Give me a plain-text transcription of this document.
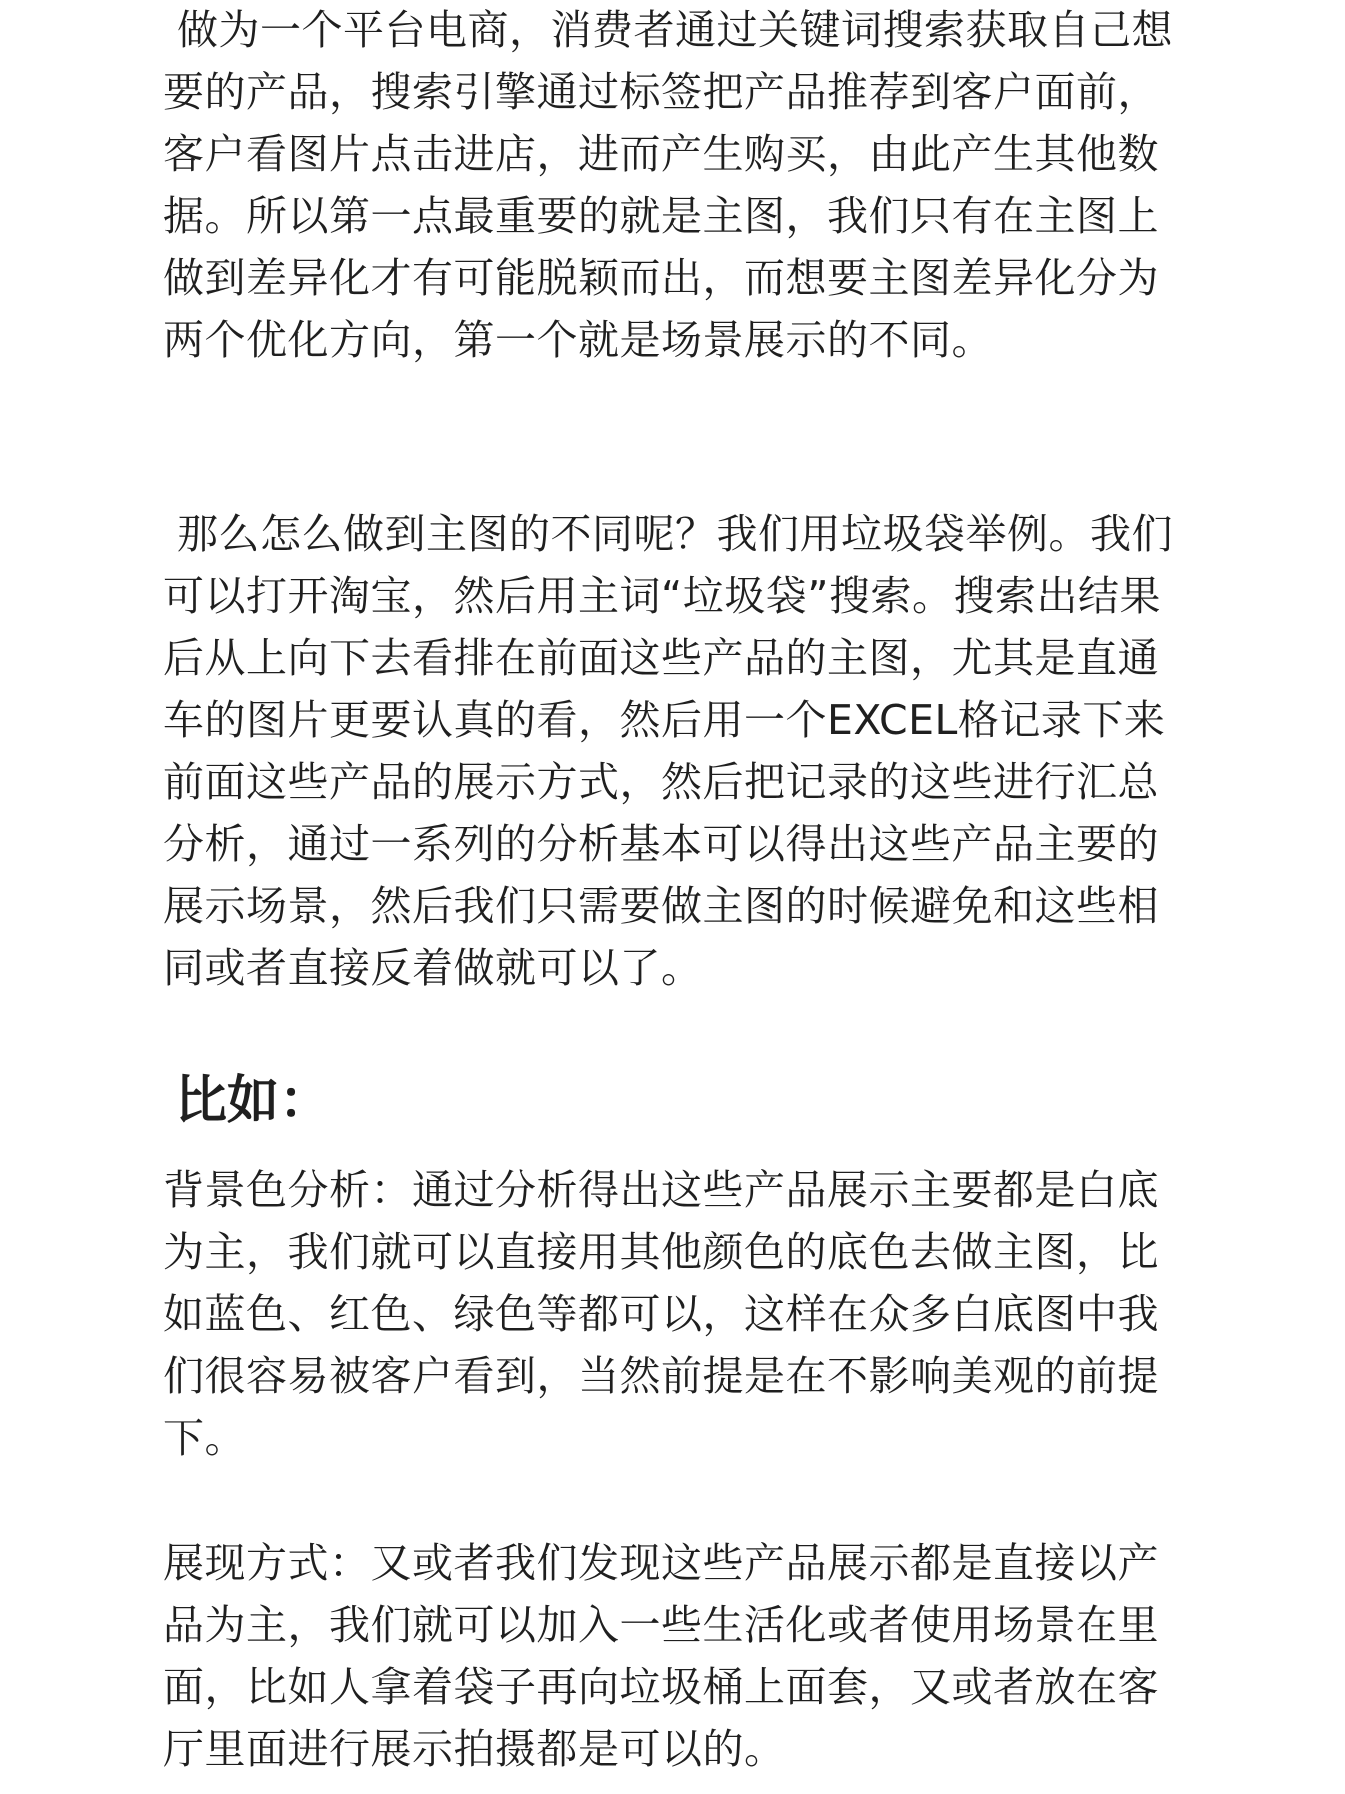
做为一个平台电商，消费者通过关键词搜索获取自己想要的产品，搜索引擎通过标签把产品推荐到客户面前，客户看图片点击进店，进而产生购买，由此产生其他数据。所以第一点最重要的就是主图，我们只有在主图上做到差异化才有可能脱颖而出，而想要主图差异化分为两个优化方向，第一个就是场景展示的不同。

那么怎么做到主图的不同呢？我们用垃圾袋举例。我们可以打开淘宝，然后用主词“垃圾袋”搜索。搜索出结果后从上向下去看排在前面这些产品的主图，尤其是直通车的图片更要认真的看，然后用一个EXCEL格记录下来前面这些产品的展示方式，然后把记录的这些进行汇总分析，通过一系列的分析基本可以得出这些产品主要的展示场景，然后我们只需要做主图的时候避免和这些相同或者直接反着做就可以了。

比如：

背景色分析：通过分析得出这些产品展示主要都是白底为主，我们就可以直接用其他颜色的底色去做主图，比如蓝色、红色、绿色等都可以，这样在众多白底图中我们很容易被客户看到，当然前提是在不影响美观的前提下。

展现方式：又或者我们发现这些产品展示都是直接以产品为主，我们就可以加入一些生活化或者使用场景在里面，比如人拿着袋子再向垃圾桶上面套，又或者放在客厅里面进行展示拍摄都是可以的。
